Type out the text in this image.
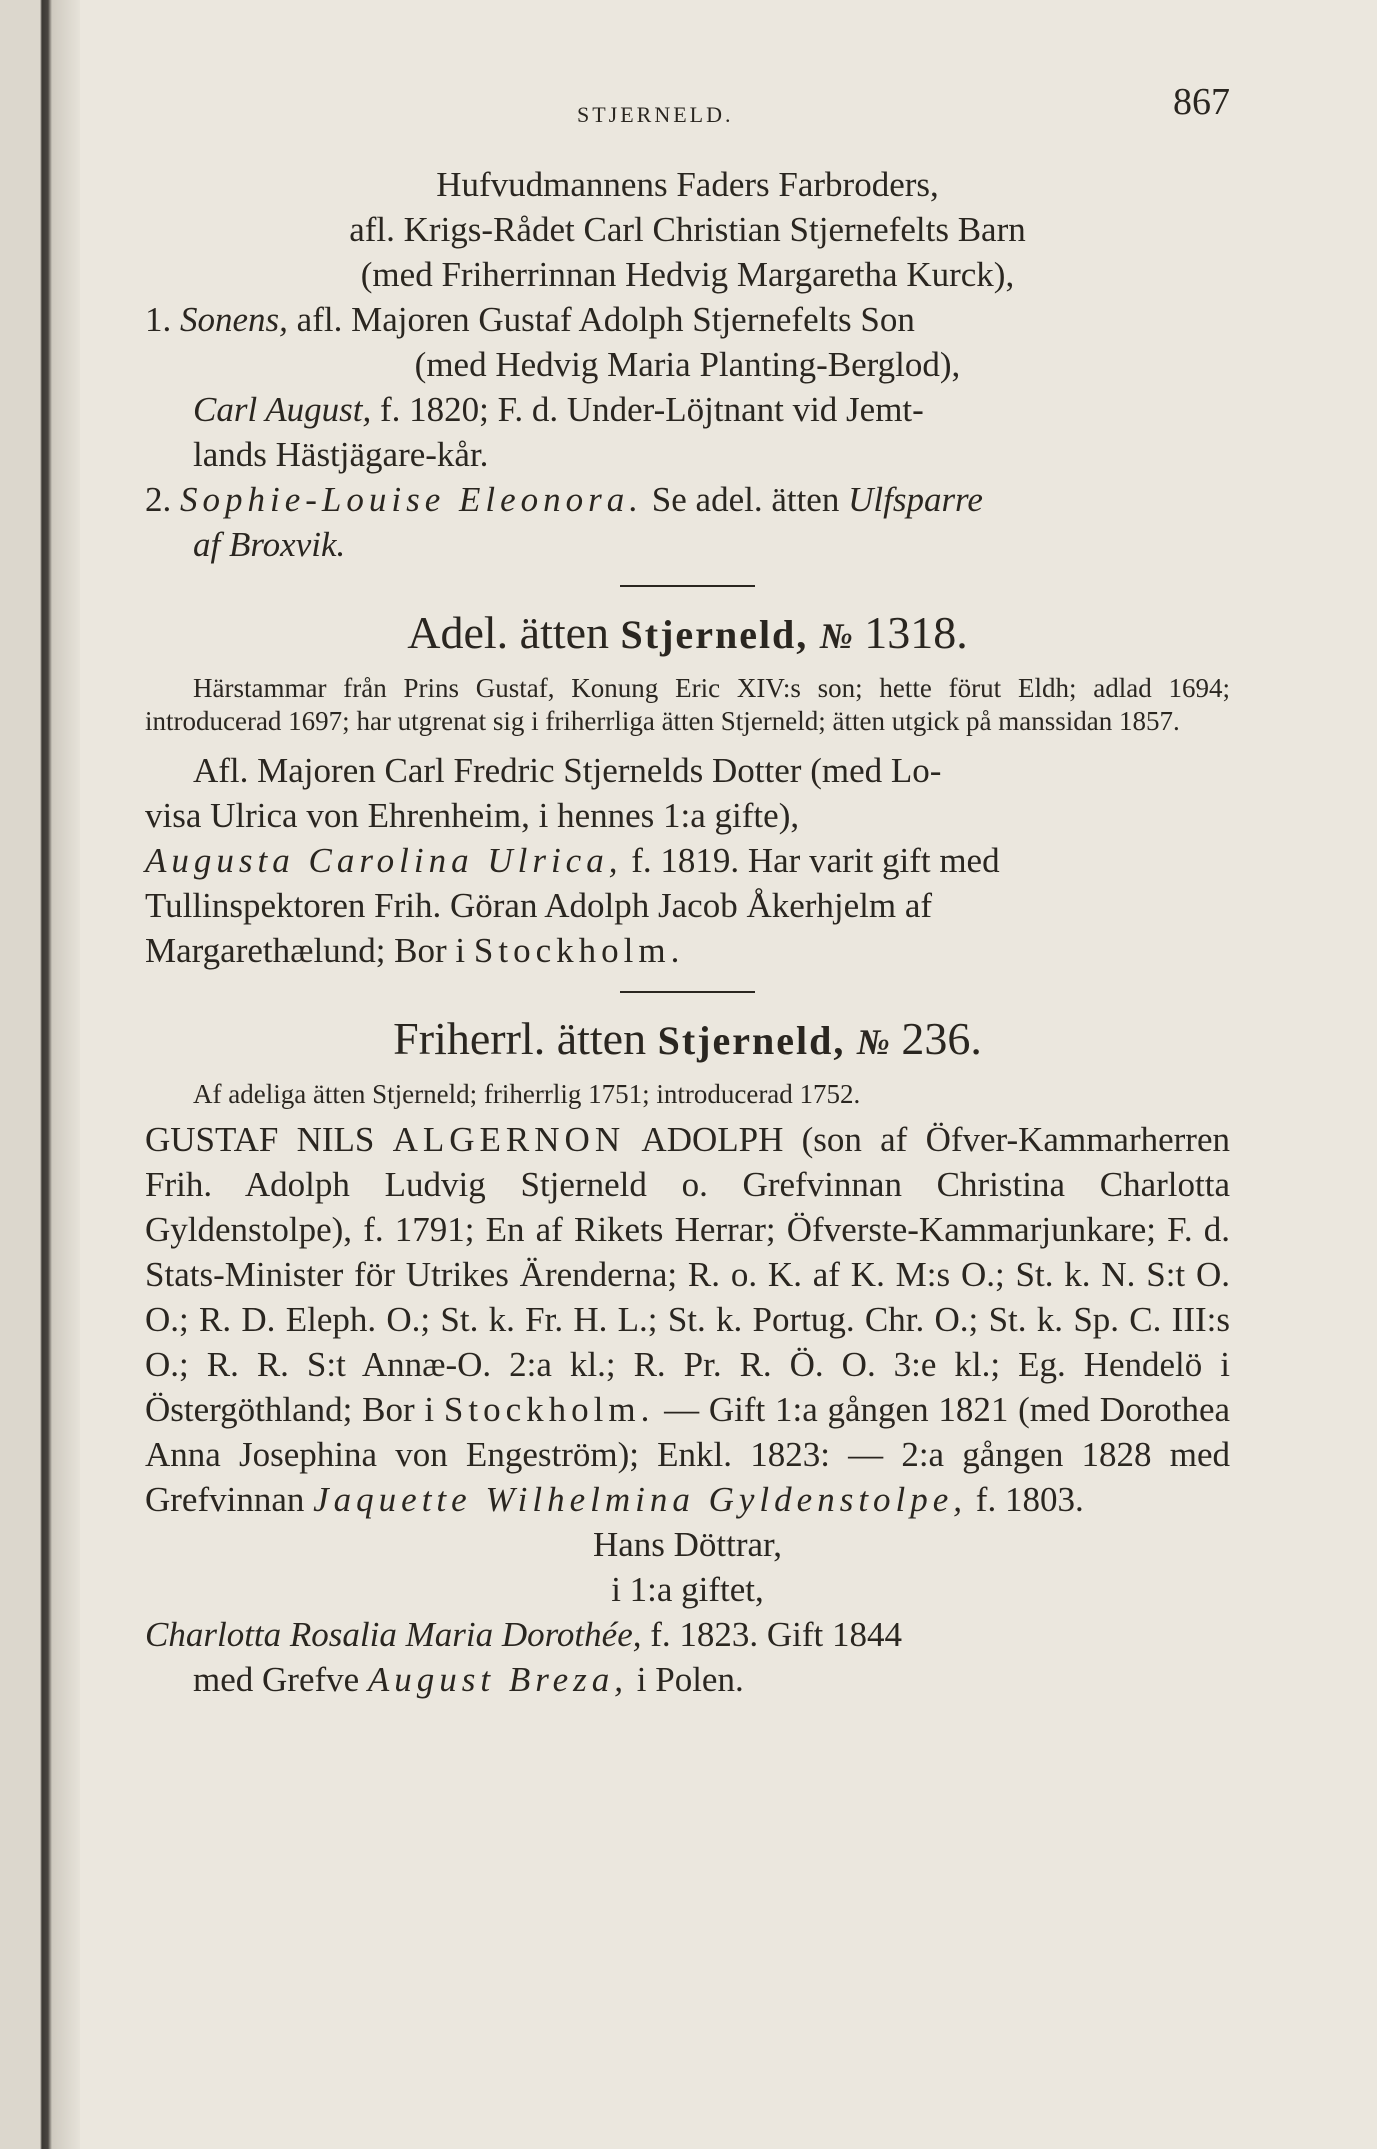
STJERNELD.	867

Hufvudmannens Faders Farbroders,

afl. Krigs-Rådet Carl Christian Stjernefelts Barn

(med Friherrinnan Hedvig Margaretha Kurck),

1. Sonens, afl. Majoren Gustaf Adolph Stjernefelts Son

(med Hedvig Maria Planting-Berglod),

Carl August, f. 1820; F. d. Under-Löjtnant vid Jemt-

lands Hästjägare-kår.

2. Sophie-Louise Eleonora. Se adel. ätten Ulfsparre

af Broxvik.

Adel. ätten Stjerneld, № 1318.

Härstammar från Prins Gustaf, Konung Eric XIV:s son; hette förut Eldh; adlad 1694; introducerad 1697; har utgrenat sig i friherrliga ätten Stjerneld; ätten utgick på manssidan 1857.

Afl. Majoren Carl Fredric Stjernelds Dotter (med Lo-

visa Ulrica von Ehrenheim, i hennes 1:a gifte),

Augusta Carolina Ulrica, f. 1819. Har varit gift med

Tullinspektoren Frih. Göran Adolph Jacob Åkerhjelm af

Margarethælund; Bor i Stockholm.

Friherrl. ätten Stjerneld, № 236.

Af adeliga ätten Stjerneld; friherrlig 1751; introducerad 1752.

GUSTAF NILS ALGERNON ADOLPH (son af Öfver-Kammarherren Frih. Adolph Ludvig Stjerneld o. Grefvinnan Christina Charlotta Gyldenstolpe), f. 1791; En af Rikets Herrar; Öfverste-Kammarjunkare; F. d. Stats-Minister för Utrikes Ärenderna; R. o. K. af K. M:s O.; St. k. N. S:t O. O.; R. D. Eleph. O.; St. k. Fr. H. L.; St. k. Portug. Chr. O.; St. k. Sp. C. III:s O.; R. R. S:t Annæ-O. 2:a kl.; R. Pr. R. Ö. O. 3:e kl.; Eg. Hendelö i Östergöthland; Bor i Stockholm. — Gift 1:a gången 1821 (med Dorothea Anna Josephina von Engeström); Enkl. 1823: — 2:a gången 1828 med Grefvinnan Jaquette Wilhelmina Gyldenstolpe, f. 1803.

Hans Döttrar,

i 1:a giftet,

Charlotta Rosalia Maria Dorothée, f. 1823. Gift 1844

med Grefve August Breza, i Polen.
